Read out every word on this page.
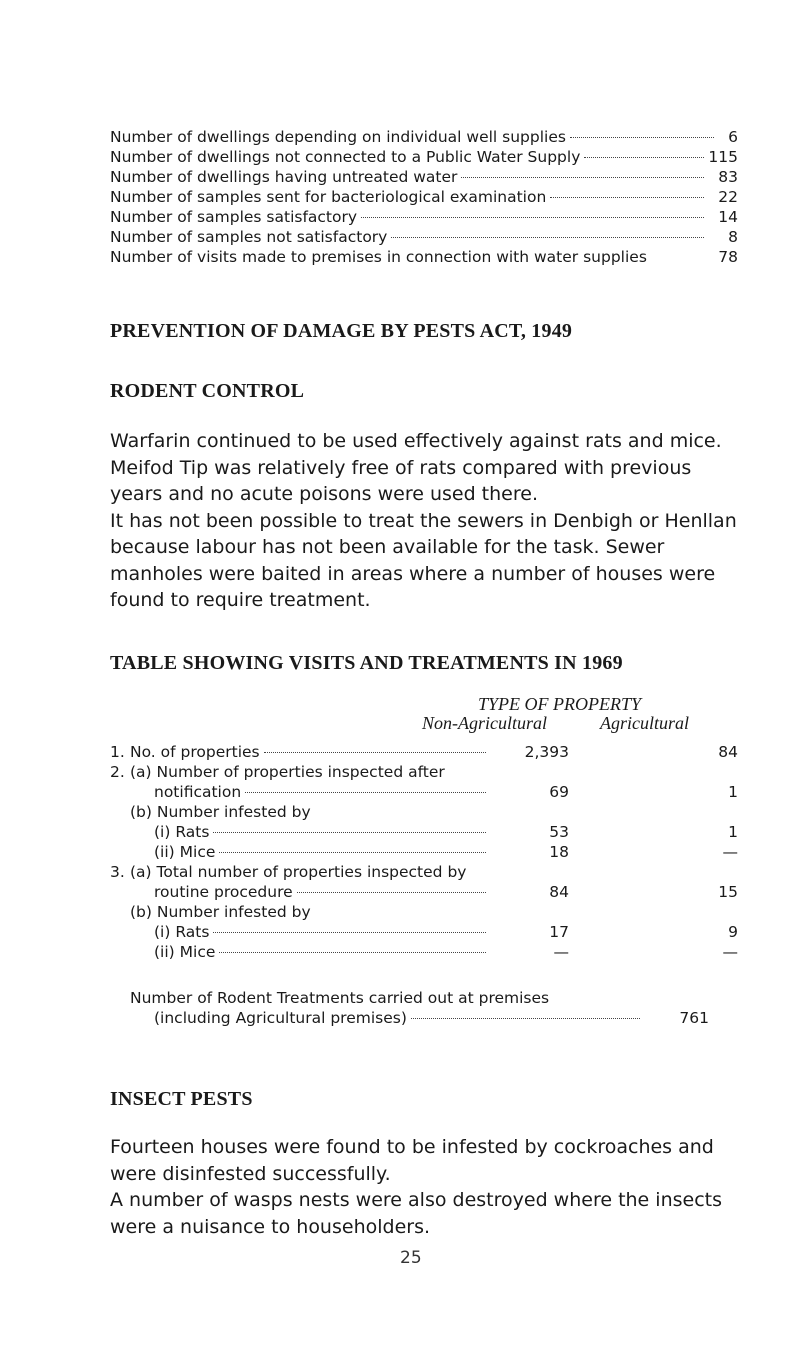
Number of dwellings depending on individual well supplies	6
Number of dwellings not connected to a Public Water Supply	115
Number of dwellings having untreated water	83
Number of samples sent for bacteriological examination	22
Number of samples satisfactory	14
Number of samples not satisfactory	8
Number of visits made to premises in connection with water supplies	78
PREVENTION OF DAMAGE BY PESTS ACT, 1949
RODENT CONTROL

Warfarin continued to be used effectively against rats and mice. Meifod Tip was relatively free of rats compared with previous years and no acute poisons were used there.

It has not been possible to treat the sewers in Denbigh or Henllan because labour has not been available for the task. Sewer manholes were baited in areas where a number of houses were found to require treatment.

TABLE SHOWING VISITS AND TREATMENTS IN 1969
TYPE OF PROPERTY
Non-Agricultural	Agricultural
1. No. of properties	2,393	84
2. (a) Number of properties inspected after
notification	69	1
(b) Number infested by
(i) Rats	53	1
(ii) Mice	18	—
3. (a) Total number of properties inspected by
routine procedure	84	15
(b) Number infested by
(i) Rats	17	9
(ii) Mice	—	—
Number of Rodent Treatments carried out at premises
(including Agricultural premises)	761
INSECT PESTS

Fourteen houses were found to be infested by cockroaches and were disinfested successfully.

A number of wasps nests were also destroyed where the insects were a nuisance to householders.

25
